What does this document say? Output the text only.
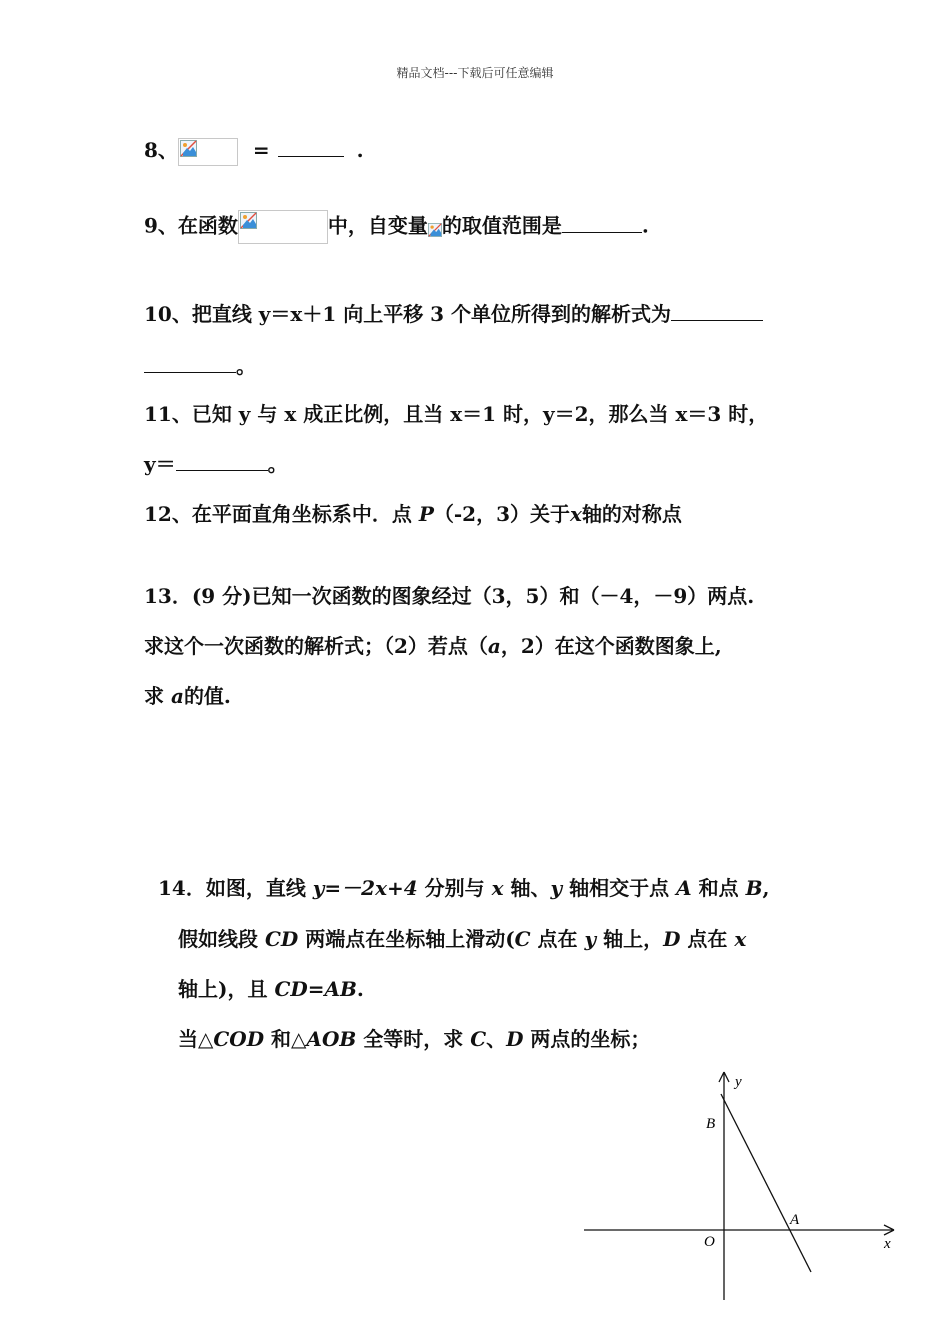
精品文档---下载后可任意编辑
8、	=	.
9、在函数	中，自变量 的取值范围是	.
10、把直线 y＝x＋1 向上平移 3 个单位所得到的解析式为
。
11、已知 y 与 x 成正比例，且当 x＝1 时，y＝2，那么当 x＝3 时，
y＝	。
12、在平面直角坐标系中．点 P（-2，3）关于x轴的对称点
13．(9 分)已知一次函数的图象经过（3，5）和（－4，－9）两点.
求这个一次函数的解析式；（2）若点（a，2）在这个函数图象上,
求 a的值.
14．如图，直线 y=－2x+4 分别与 x 轴、y 轴相交于点 A 和点 B,
假如线段 CD 两端点在坐标轴上滑动(C 点在 y 轴上，D 点在 x
轴上)，且 CD=AB.
当△COD 和△AOB 全等时，求 C、D 两点的坐标；
y
x
B
A
O
